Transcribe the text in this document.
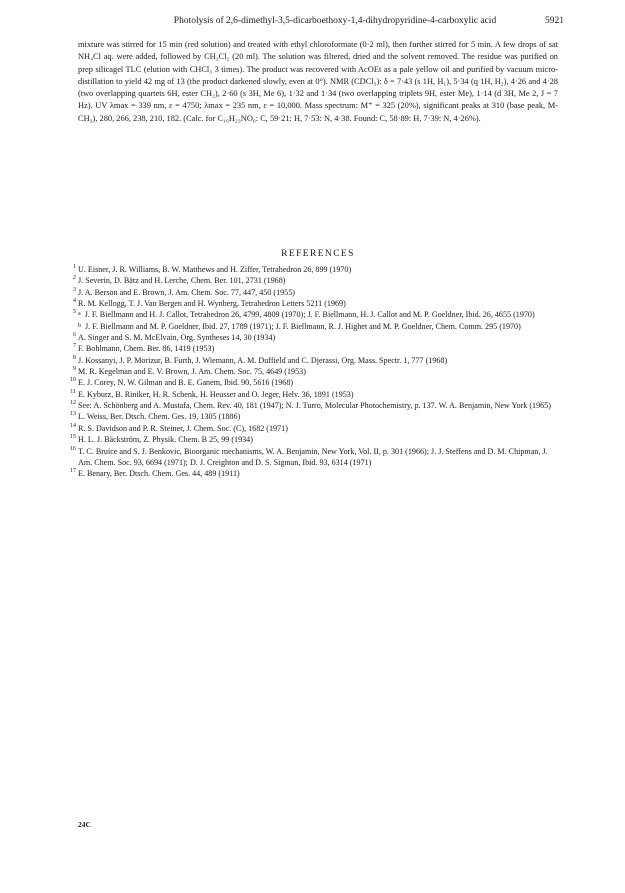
Photolysis of 2,6-dimethyl-3,5-dicarboethoxy-1,4-dihydropyridine-4-carboxylic acid	5921

mixture was stirred for 15 min (red solution) and treated with ethyl chloroformate (0·2 ml), then further stirred for 5 min. A few drops of sat NH₄Cl aq. were added, followed by CH₂Cl₂ (20 ml). The solution was filtered, dried and the solvent removed. The residue was purified on prep silicagel TLC (elution with CHCl₃ 3 times). The product was recovered with AcOEt as a pale yellow oil and purified by vacuum micro-distillation to yield 42 mg of 13 (the product darkened slowly, even at 0°). NMR (CDCl₃): δ = 7·43 (s 1H, H₁), 5·34 (q 1H, H₂), 4·26 and 4·28 (two overlapping quartets 6H, ester CH₂), 2·60 (s 3H, Me 6), 1·32 and 1·34 (two overlapping triplets 9H, ester Me), 1·14 (d 3H, Me 2, J = 7 Hz). UV λmax = 339 nm, ε = 4750; λmax = 235 nm, ε = 10,000. Mass spectrum: M⁺ = 325 (20%), significant peaks at 310 (base peak, M-CH₃), 280, 266, 238, 210, 182. (Calc. for C₁₆H₂₃NO₆: C, 59·21: H, 7·53: N, 4·38. Found: C, 58·89: H, 7·39: N, 4·26%).

REFERENCES
1 U. Eisner, J. R. Williams, B. W. Matthews and H. Ziffer, Tetrahedron 26, 899 (1970)
2 J. Severin, D. Bätz and H. Lerche, Chem. Ber. 101, 2731 (1968)
3 J. A. Berson and E. Brown, J. Am. Chem. Soc. 77, 447, 450 (1955)
4 R. M. Kellogg, T. J. Van Bergen and H. Wynberg, Tetrahedron Letters 5211 (1969)
5 $^a$ J. F. Biellmann and H. J. Callot, Tetrahedron 26, 4799, 4809 (1970); J. F. Biellmann, H. J. Callot and M. P. Goeldner, Ibid. 26, 4655 (1970)
$^b$ J. F. Biellmann and M. P. Goeldner, Ibid. 27, 1789 (1971); J. F. Biellmann, R. J. Highet and M. P. Goeldner, Chem. Comm. 295 (1970)
6 A. Singer and S. M. McElvain, Org. Syntheses 14, 30 (1934)
7 F. Bohlmann, Chem. Ber. 86, 1419 (1953)
8 J. Kossanyi, J. P. Morizur, B. Furth, J. Wiemann, A. M. Duffield and C. Djerassi, Org. Mass. Spectr. 1, 777 (1968)
9 M. R. Kegelman and E. V. Brown, J. Am. Chem. Soc. 75, 4649 (1953)
10 E. J. Corey, N. W. Gilman and B. E. Ganem, Ibid. 90, 5616 (1968)
11 E. Kyburz, B. Riniker, H. R. Schenk, H. Heusser and O. Jeger, Helv. 36, 1891 (1953)
12 See: A. Schönberg and A. Mustafa, Chem. Rev. 40, 181 (1947); N. J. Turro, Molecular Photochemistry, p. 137. W. A. Benjamin, New York (1965)
13 L. Weiss, Ber. Dtsch. Chem. Ges. 19, 1305 (1886)
14 R. S. Davidson and P. R. Steiner, J. Chem. Soc. (C), 1682 (1971)
15 H. L. J. Bäckström, Z. Physik. Chem. B 25, 99 (1934)
16 T. C. Bruice and S. J. Benkovic, Bioorganic mechanisms, W. A. Benjamin, New York, Vol. II, p. 301 (1966); J. J. Steffens and D. M. Chipman, J. Am. Chem. Soc. 93, 6694 (1971); D. J. Creighton and D. S. Sigman, Ibid. 93, 6314 (1971)
17 E. Benary, Ber. Dtsch. Chem. Ges. 44, 489 (1911)
24C
